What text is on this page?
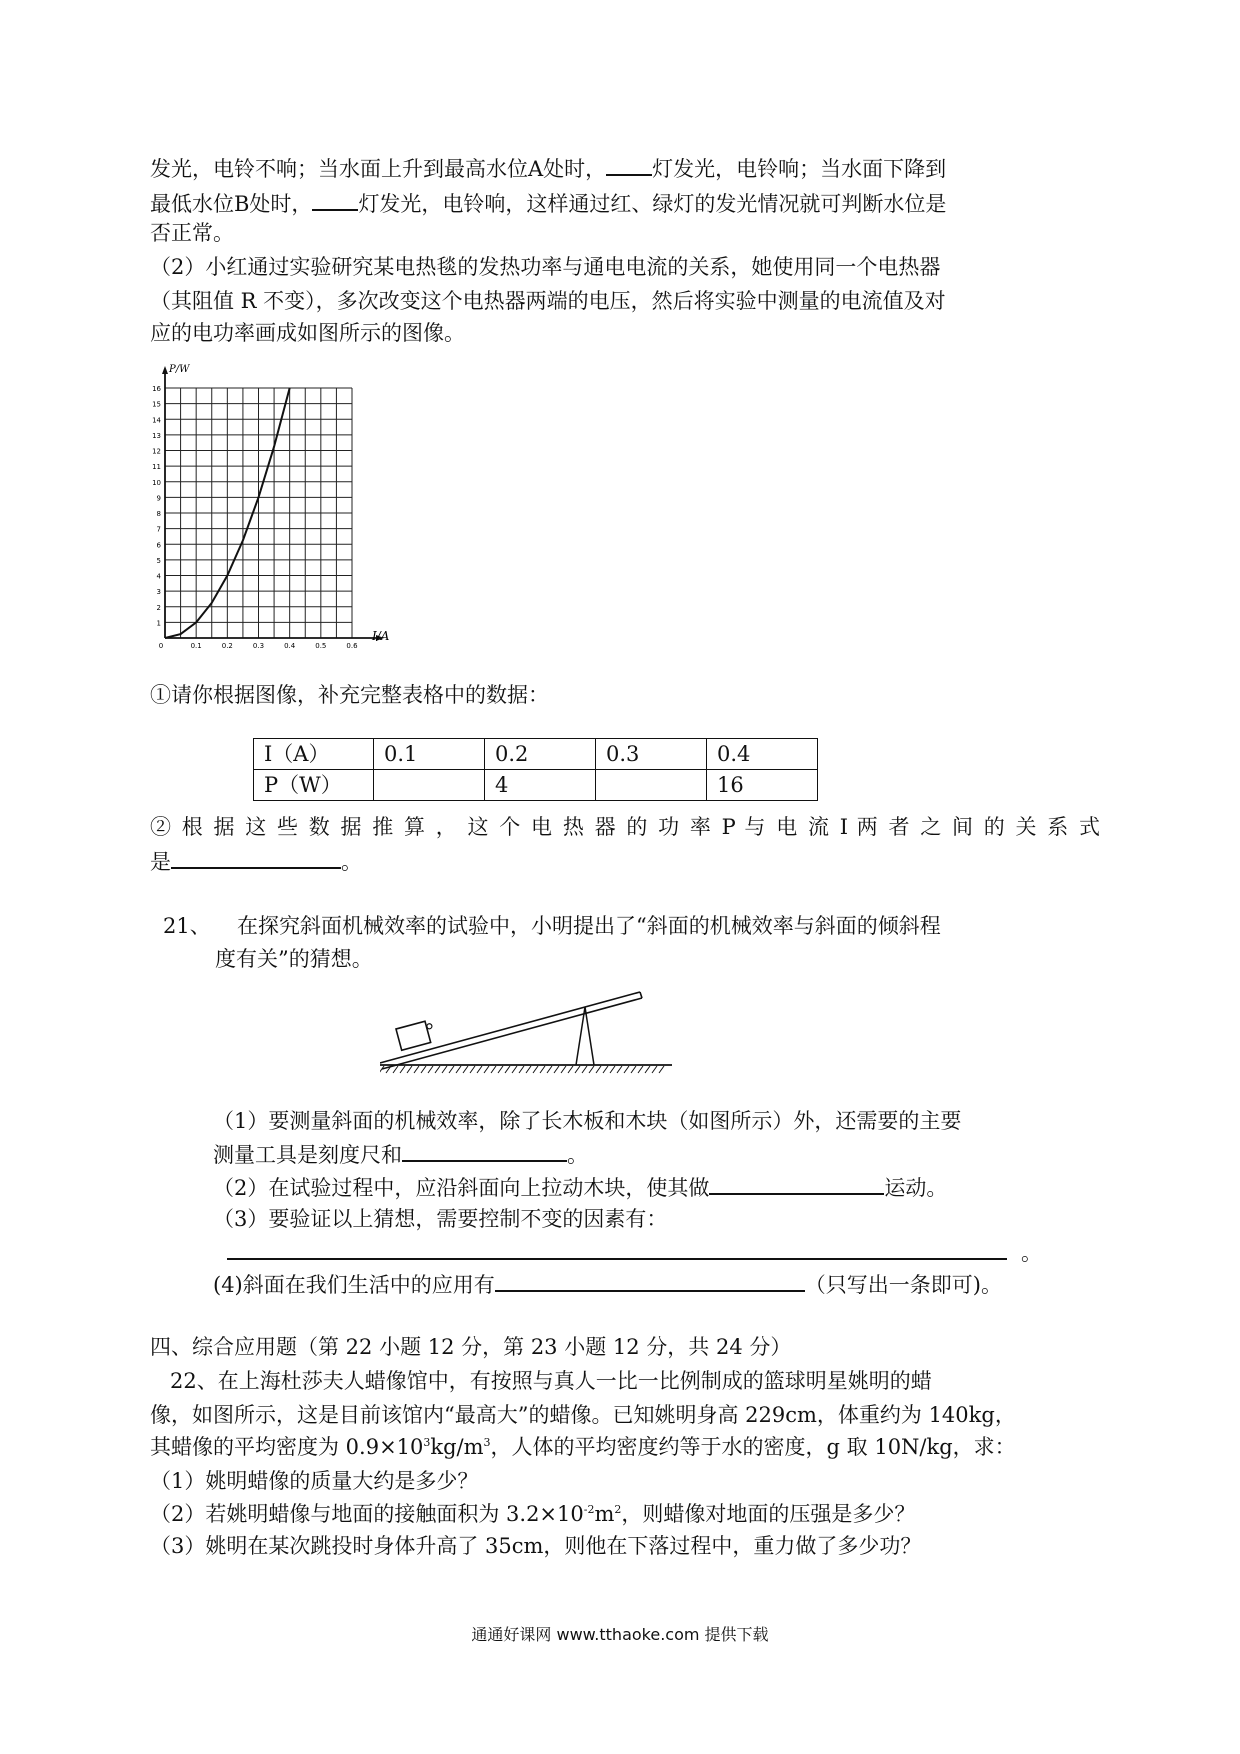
发光，电铃不响；当水面上升到最高水位A处时， 灯发光，电铃响；当水面下降到
最低水位B处时， 灯发光，电铃响，这样通过红、绿灯的发光情况就可判断水位是
否正常。
（2）小红通过实验研究某电热毯的发热功率与通电电流的关系，她使用同一个电热器
（其阻值 R 不变），多次改变这个电热器两端的电压，然后将实验中测量的电流值及对
应的电功率画成如图所示的图像。
P/W
I/A
1
2
3
4
5
6
7
8
9
10
11
12
13
14
15
16
0	0.1	0.2	0.3	0.4	0.5	0.6
①请你根据图像，补充完整表格中的数据：
I（A）	0.1	0.2	0.3	0.4
P（W）		4		16
② 根 据 这 些 数 据 推 算 ， 这 个 电 热 器 的 功 率 P 与 电 流 I 两 者 之 间 的 关 系 式
是	。
21、 在探究斜面机械效率的试验中，小明提出了“斜面的机械效率与斜面的倾斜程
度有关”的猜想。
（1）要测量斜面的机械效率，除了长木板和木块（如图所示）外，还需要的主要
测量工具是刻度尺和	。
（2）在试验过程中，应沿斜面向上拉动木块，使其做	运动。
（3）要验证以上猜想，需要控制不变的因素有：
。
(4)斜面在我们生活中的应用有	（只写出一条即可)。
四、综合应用题（第 22 小题 12 分，第 23 小题 12 分，共 24 分）
22、在上海杜莎夫人蜡像馆中，有按照与真人一比一比例制成的篮球明星姚明的蜡
像，如图所示，这是目前该馆内“最高大”的蜡像。已知姚明身高 229cm，体重约为 140kg，
其蜡像的平均密度为 $0.9\times 10^3kg/m^3$，人体的平均密度约等于水的密度，g 取 10N/kg，求：
（1）姚明蜡像的质量大约是多少？
（2）若姚明蜡像与地面的接触面积为 $3.2\times 10^{-2}m^2$，则蜡像对地面的压强是多少？
（3）姚明在某次跳投时身体升高了 35cm，则他在下落过程中，重力做了多少功？
通通好课网 www.tthaoke.com 提供下载
